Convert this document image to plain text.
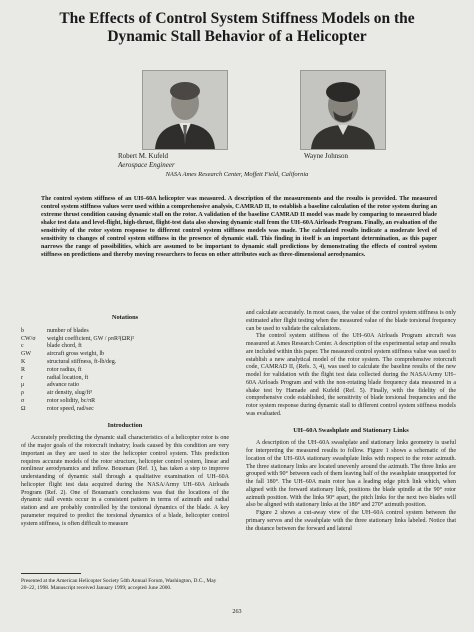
The Effects of Control System Stiffness Models on the
Dynamic Stall Behavior of a Helicopter
Robert M. Kufeld
Aerospace Engineer
Wayne Johnson
NASA Ames Research Center, Moffett Field, California
The control system stiffness of an UH–60A helicopter was measured. A description of the measurements and the results is provided. The measured control system stiffness values were used within a comprehensive analysis, CAMRAD II, to establish a baseline calculation of the rotor system during an extreme thrust condition causing dynamic stall on the rotor. A validation of the baseline CAMRAD II model was made by comparing to measured blade shake test data and level-flight, high-thrust, flight-test data also showing dynamic stall from the UH–60A Airloads Program. Finally, an evaluation of the sensitivity of the rotor system response to different control system stiffness models was made. The calculated results indicate a moderate level of sensitivity to changes of control system stiffness in the presence of dynamic stall. This finding in itself is an important determination, as this paper narrows the range of possibilities, which are assumed to be important to dynamic stall predictions by demonstrating the effects of control system stiffness on predictions and thereby moving researchers to focus on other attributes such as three-dimensional aerodynamics.
Notations
b	number of blades
CW/σ	weight coefficient, GW / ρπR²(ΩR)²
c	blade chord, ft
GW	aircraft gross weight, lb
K	structural stiffness, ft-lb/deg.
R	rotor radius, ft
r	radial location, ft
μ	advance ratio
ρ	air density, slug/ft³
σ	rotor solidity, bc/πR
Ω	rotor speed, rad/sec
Introduction

Accurately predicting the dynamic stall characteristics of a helicopter rotor is one of the major goals of the rotorcraft industry; loads caused by this condition are very important as they are used to size the helicopter control system. This prediction requires accurate models of the rotor structure, helicopter control system, linear and nonlinear aerodynamics and inflow. Bousman (Ref. 1), has taken a step to improve understanding of dynamic stall through a qualitative examination of UH–60A helicopter flight test data acquired during the NASA/Army UH–60A Airloads Program (Ref. 2). One of Bousman's conclusions was that the locations of the dynamic stall events occur in a consistent pattern in terms of azimuth and radial station and are probably controlled by the torsional dynamics of the blade. A key parameter required to predict the torsional dynamics of a blade, helicopter control system stiffness, is often difficult to measure

Presented at the American Helicopter Society 54th Annual Forum, Washington, D.C., May 20–22, 1998. Manuscript received January 1999; accepted June 2000.

and calculate accurately. In most cases, the value of the control system stiffness is only estimated after flight testing when the measured value of the blade torsional frequency can be used to validate the calculations.

The control system stiffness of the UH–60A Airloads Program aircraft was measured at Ames Research Center. A description of the experimental setup and results are included within this paper. The measured control system stiffness value was used to establish a new analytical model of the rotor system. The comprehensive rotorcraft code, CAMRAD II, (Refs. 3, 4), was used to calculate the baseline results of the new model for validation with the flight test data collected during the NASA/Army UH–60A Airloads Program and with the non-rotating blade frequency data measured in a shake test by Hamade and Kufeld (Ref. 5). Finally, with the fidelity of the comprehensive code established, the sensitivity of blade torsional frequencies and the rotor system response during dynamic stall to different control system stiffness models was evaluated.

UH–60A Swashplate and Stationary Links

A description of the UH–60A swashplate and stationary links geometry is useful for interpreting the measured results to follow. Figure 1 shows a schematic of the location of the UH–60A stationary swashplate links with respect to the rotor azimuth. The three stationary links are located unevenly around the azimuth. The three links are grouped with 90° between each of them leaving half of the swashplate unsupported for the fall 180°. The UH–60A main rotor has a leading edge pitch link which, when aligned with the forward stationary link, positions the blade spindle at the 90° rotor azimuth position. With the links 90° apart, the pitch links for the next two blades will also be aligned with stationary links at the 180° and 270° azimuth position.

Figure 2 shows a cut-away view of the UH–60A control system between the primary servos and the swashplate with the three stationary links labeled. Notice that the distance between the forward and lateral

263
